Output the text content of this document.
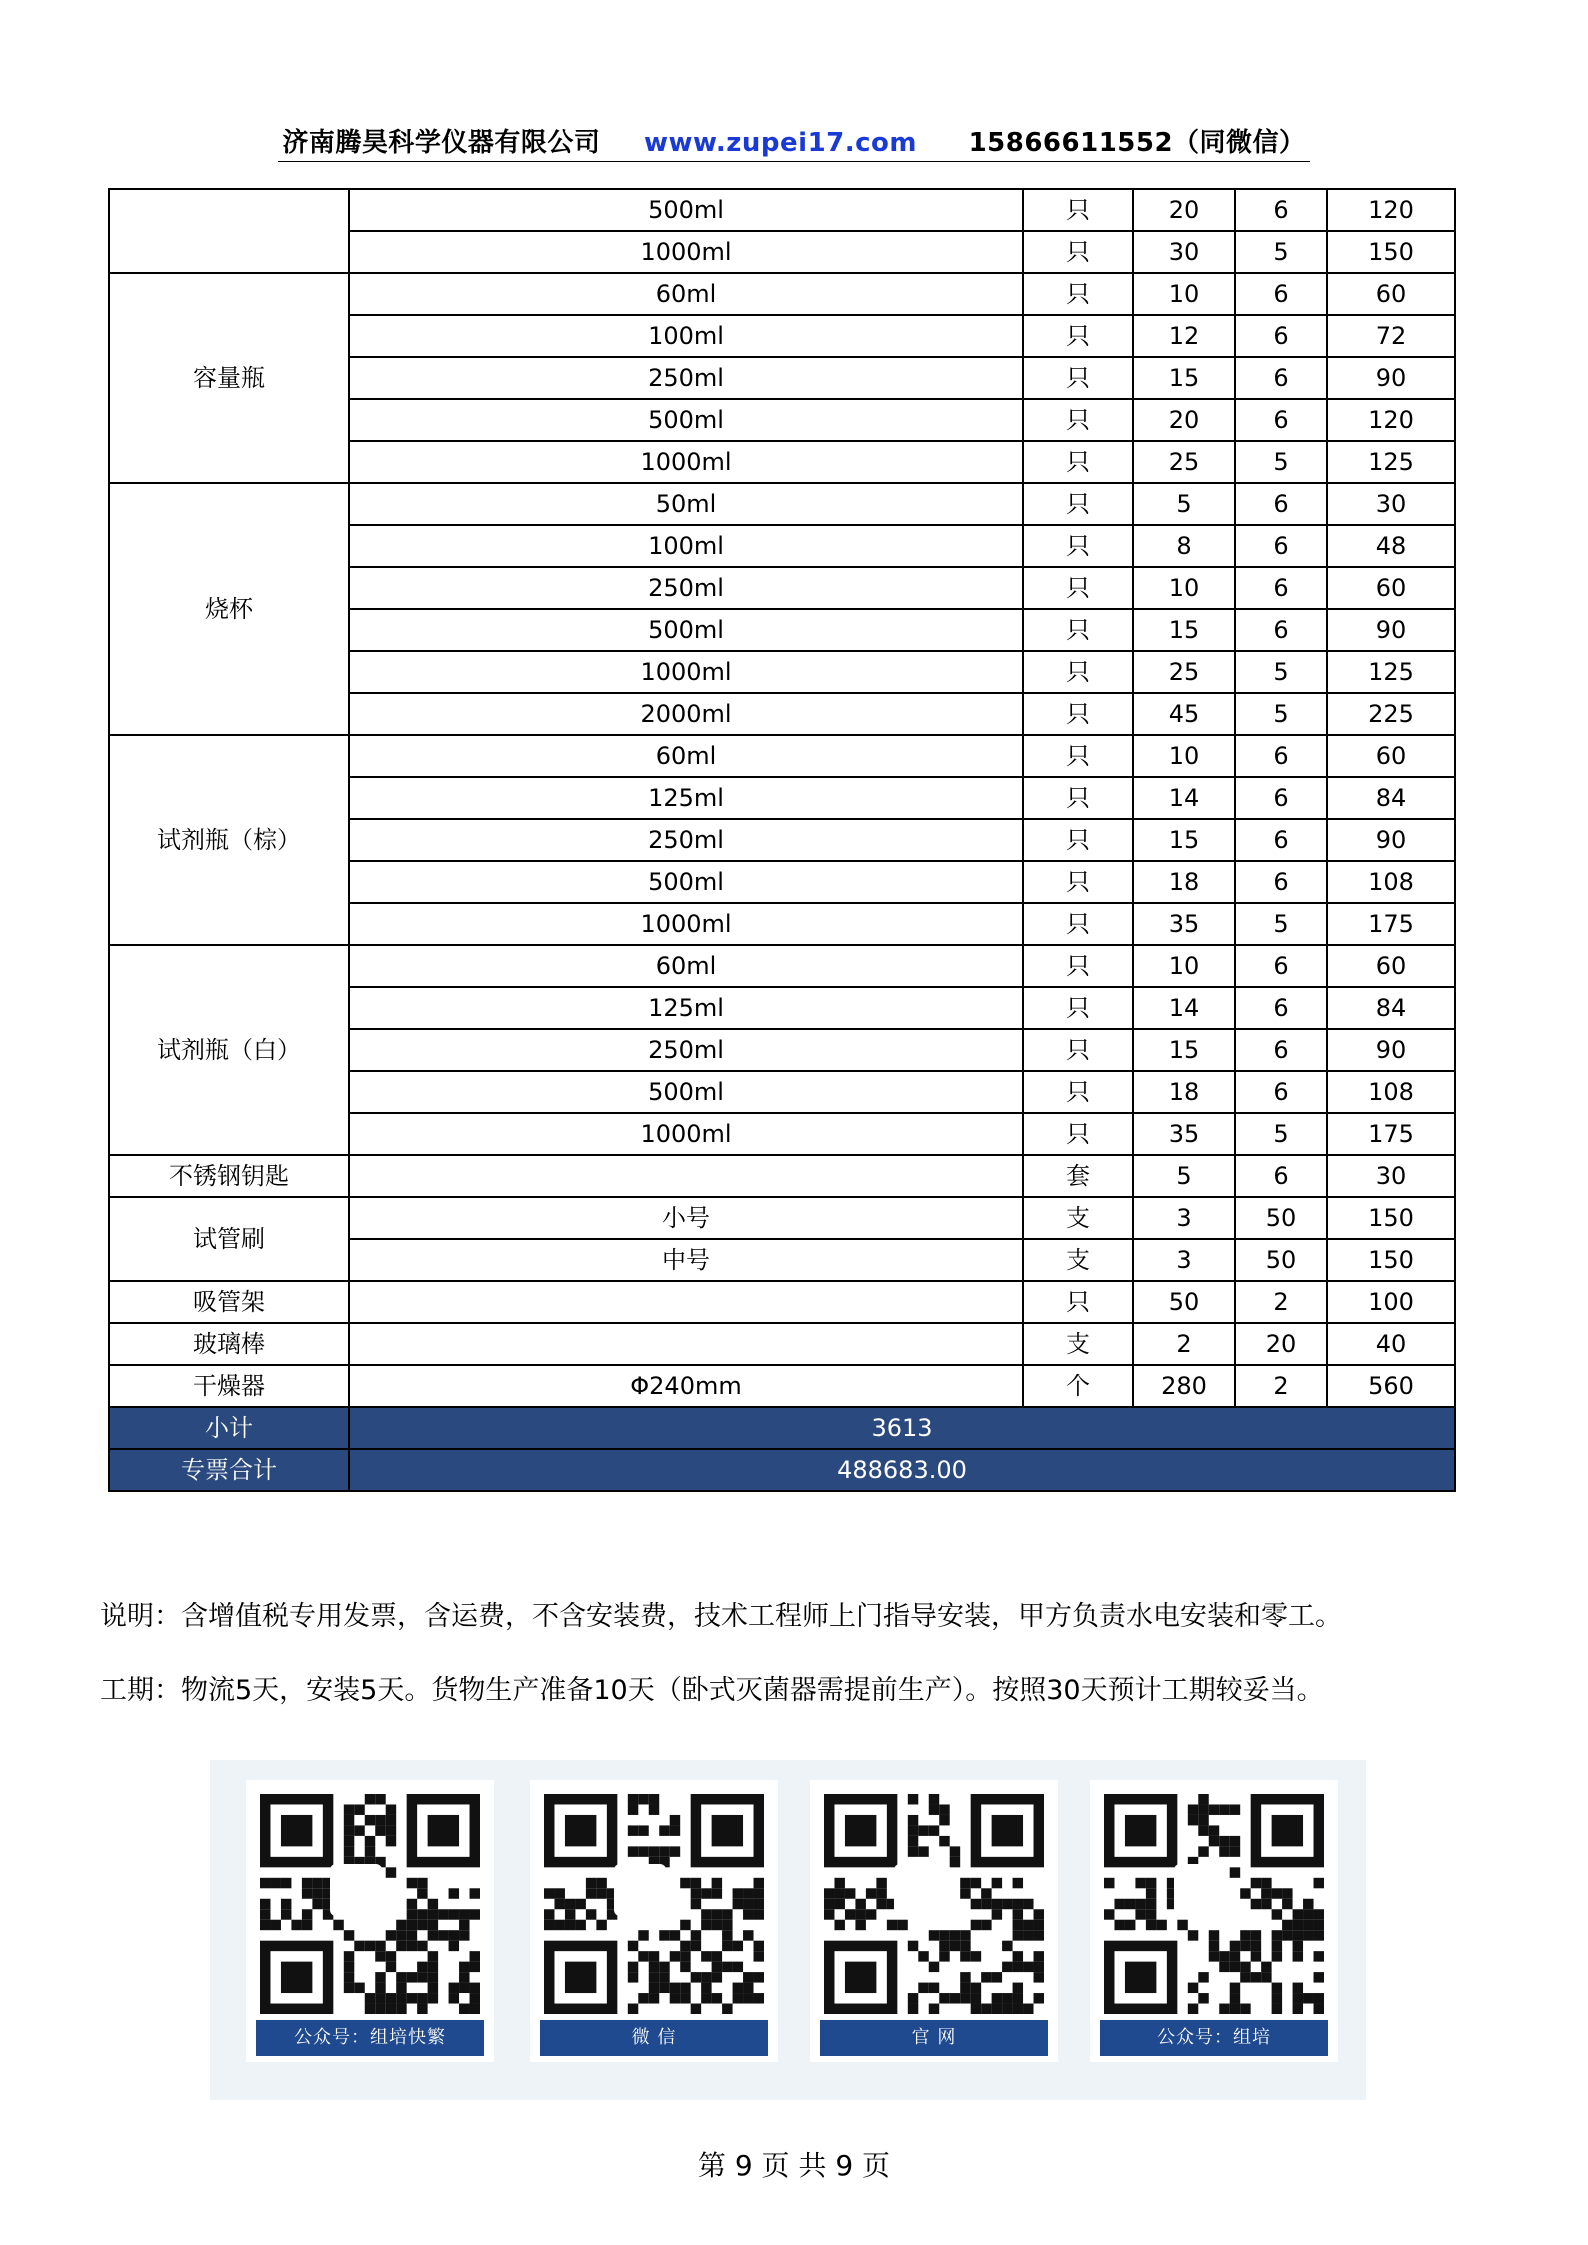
济南腾昊科学仪器有限公司 www.zupei17.com 15866611552（同微信）
	500ml	只	20	6	120
	1000ml	只	30	5	150
容量瓶	60ml	只	10	6	60
	100ml	只	12	6	72
	250ml	只	15	6	90
	500ml	只	20	6	120
	1000ml	只	25	5	125
烧杯	50ml	只	5	6	30
	100ml	只	8	6	48
	250ml	只	10	6	60
	500ml	只	15	6	90
	1000ml	只	25	5	125
	2000ml	只	45	5	225
试剂瓶（棕）	60ml	只	10	6	60
	125ml	只	14	6	84
	250ml	只	15	6	90
	500ml	只	18	6	108
	1000ml	只	35	5	175
试剂瓶（白）	60ml	只	10	6	60
	125ml	只	14	6	84
	250ml	只	15	6	90
	500ml	只	18	6	108
	1000ml	只	35	5	175
不锈钢钥匙		套	5	6	30
试管刷	小号	支	3	50	150
	中号	支	3	50	150
吸管架		只	50	2	100
玻璃棒		支	2	20	40
干燥器	Φ240mm	个	280	2	560
小计	3613				
专票合计	488683.00				
说明：含增值税专用发票，含运费，不含安装费，技术工程师上门指导安装，甲方负责水电安装和零工。
工期：物流5天，安装5天。货物生产准备10天（卧式灭菌器需提前生产）。按照30天预计工期较妥当。
公众号：组培快繁	微 信	官 网	公众号：组培
第 9 页 共 9 页
